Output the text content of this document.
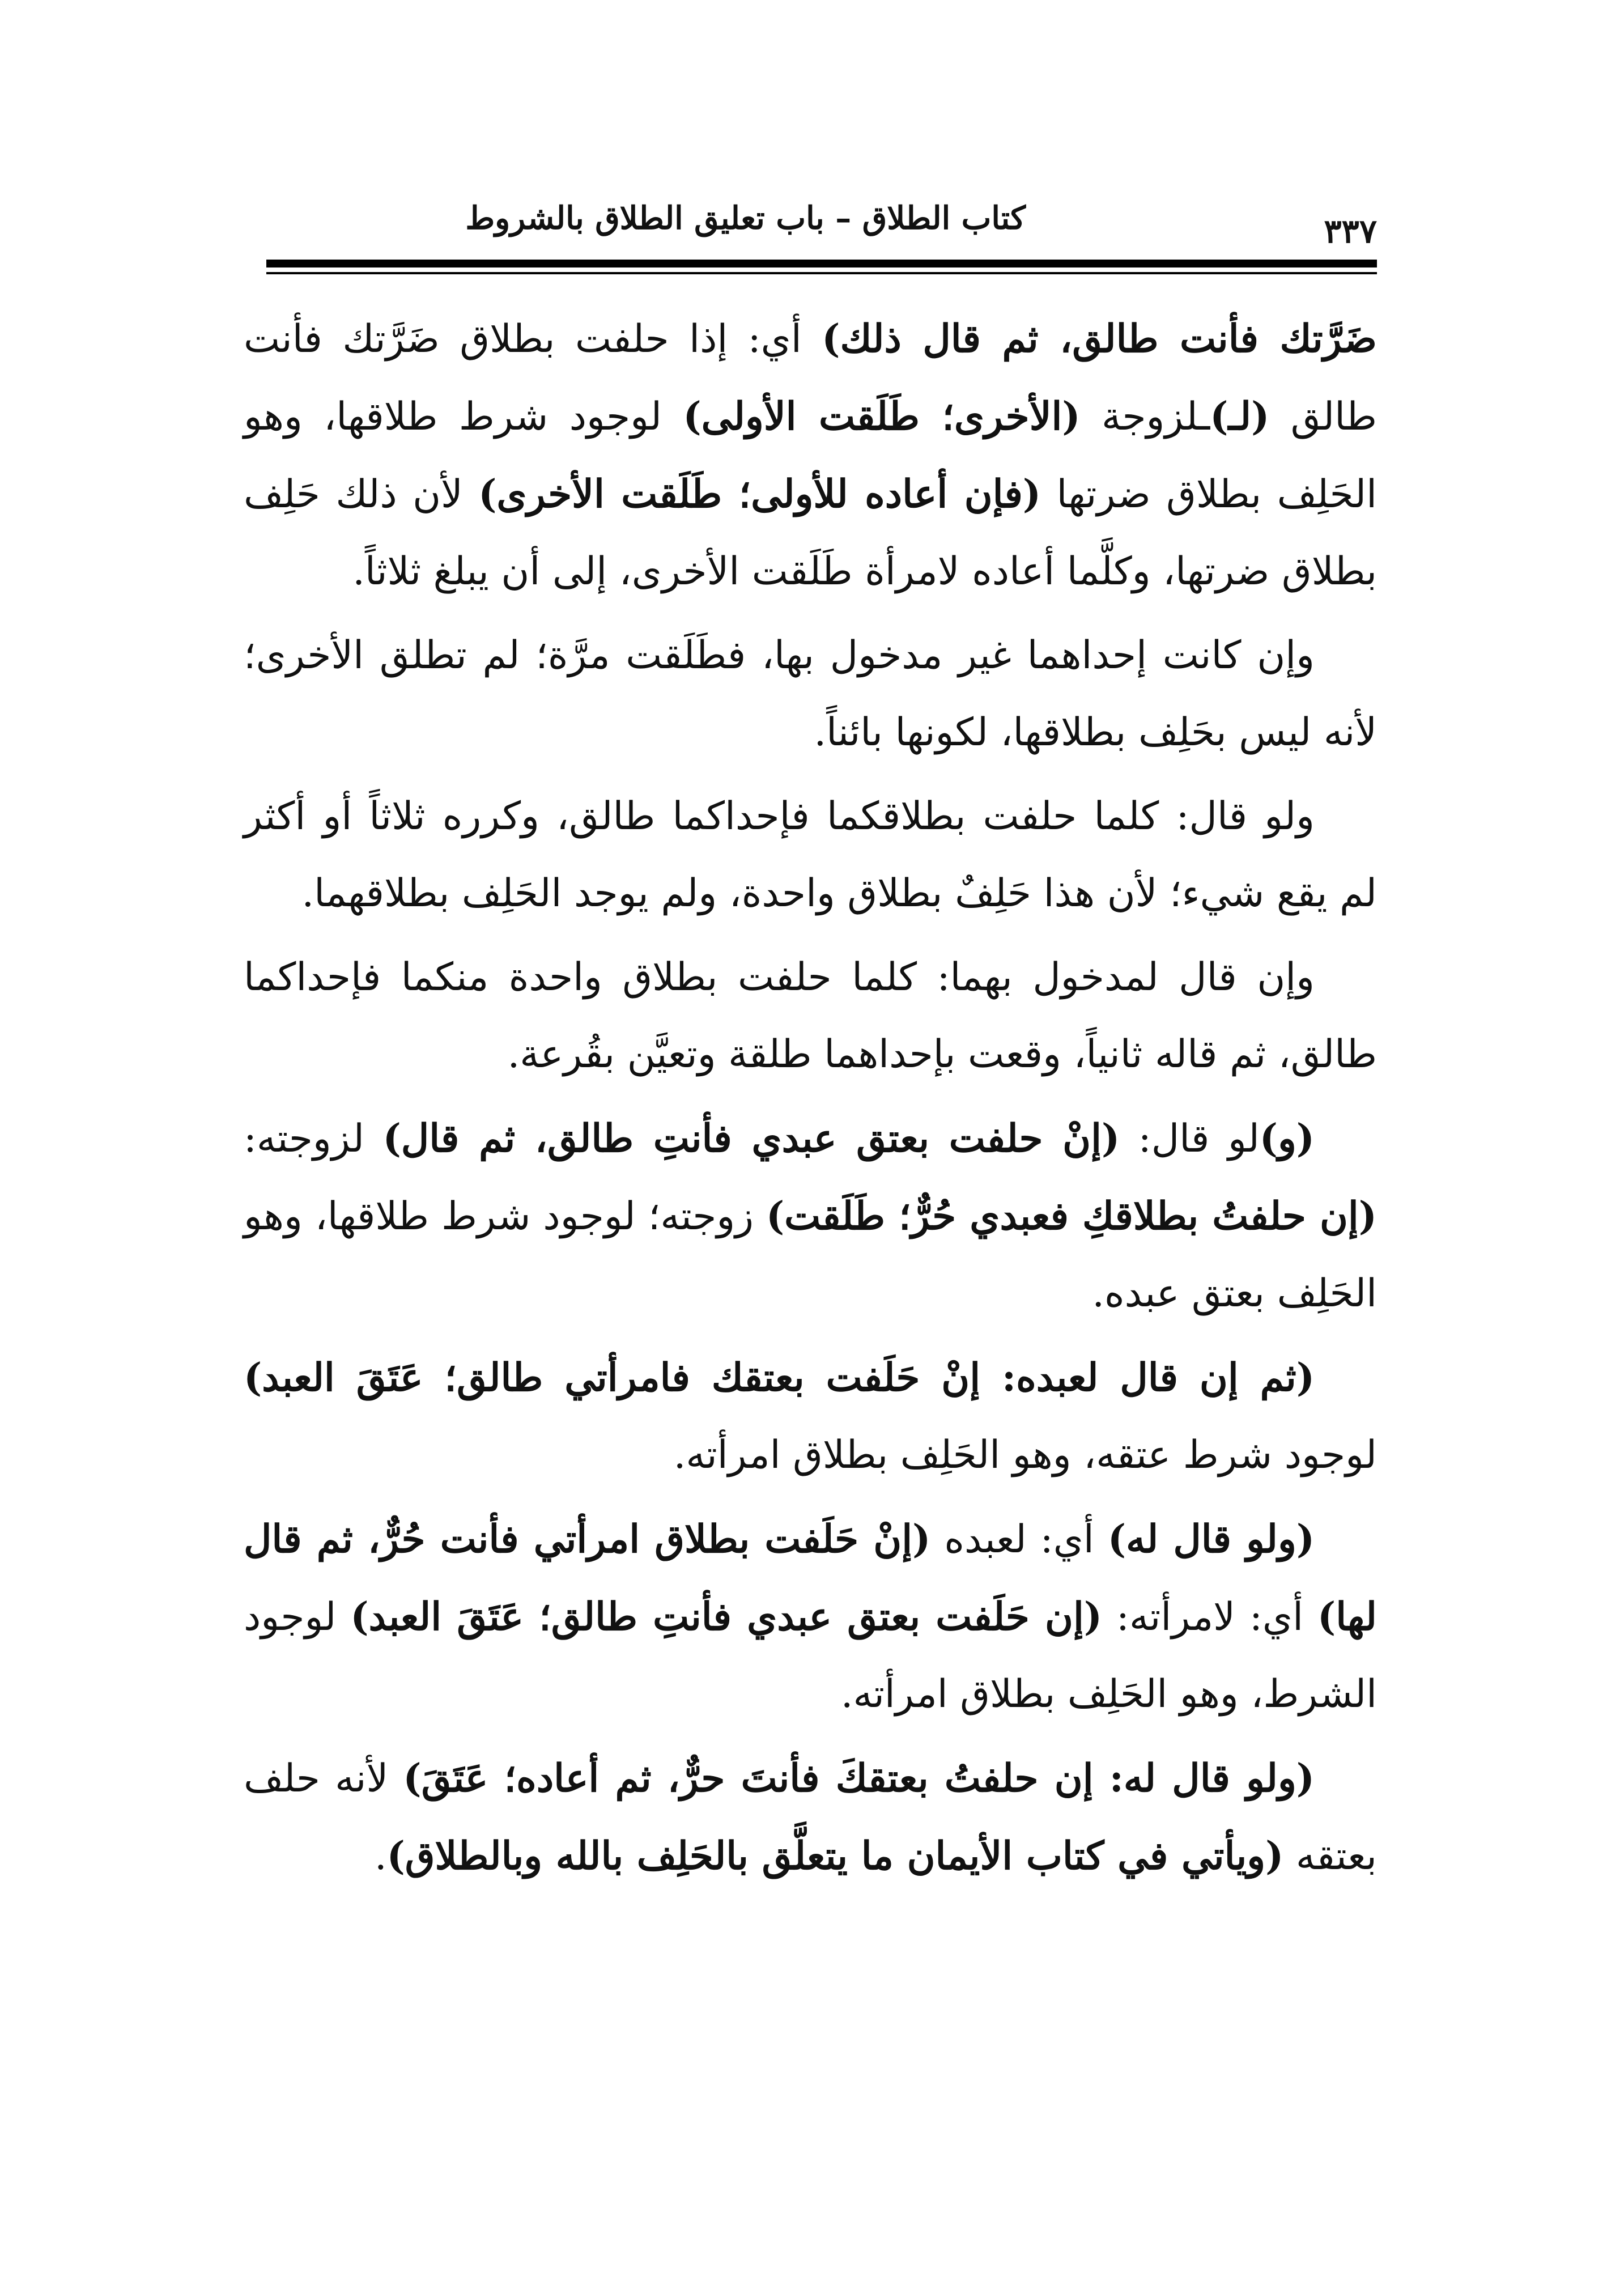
كتاب الطلاق – باب تعليق الطلاق بالشروط	٣٣٧

ضَرَّتك فأنت طالق، ثم قال ذلك) أي: إذا حلفت بطلاق ضَرَّتك فأنت طالق (لـ)ـلزوجة (الأخرى؛ طَلَقت الأولى) لوجود شرط طلاقها، وهو الحَلِف بطلاق ضرتها (فإن أعاده للأولى؛ طَلَقت الأخرى) لأن ذلك حَلِف بطلاق ضرتها، وكلَّما أعاده لامرأة طَلَقت الأخرى، إلى أن يبلغ ثلاثاً.

وإن كانت إحداهما غير مدخول بها، فطَلَقت مرَّة؛ لم تطلق الأخرى؛ لأنه ليس بحَلِف بطلاقها، لكونها بائناً.

ولو قال: كلما حلفت بطلاقكما فإحداكما طالق، وكرره ثلاثاً أو أكثر لم يقع شيء؛ لأن هذا حَلِفٌ بطلاق واحدة، ولم يوجد الحَلِف بطلاقهما.

وإن قال لمدخول بهما: كلما حلفت بطلاق واحدة منكما فإحداكما طالق، ثم قاله ثانياً، وقعت بإحداهما طلقة وتعيَّن بقُرعة.

(و)لو قال: (إنْ حلفت بعتق عبدي فأنتِ طالق، ثم قال) لزوجته: (إن حلفتُ بطلاقكِ فعبدي حُرٌّ؛ طَلَقت) زوجته؛ لوجود شرط طلاقها، وهو الحَلِف بعتق عبده.

(ثم إن قال لعبده: إنْ حَلَفت بعتقك فامرأتي طالق؛ عَتَقَ العبد) لوجود شرط عتقه، وهو الحَلِف بطلاق امرأته.

(ولو قال له) أي: لعبده (إنْ حَلَفت بطلاق امرأتي فأنت حُرٌّ، ثم قال لها) أي: لامرأته: (إن حَلَفت بعتق عبدي فأنتِ طالق؛ عَتَقَ العبد) لوجود الشرط، وهو الحَلِف بطلاق امرأته.

(ولو قال له: إن حلفتُ بعتقكَ فأنتَ حرٌّ، ثم أعاده؛ عَتَقَ) لأنه حلف بعتقه (ويأتي في كتاب الأيمان ما يتعلَّق بالحَلِف بالله وبالطلاق).
